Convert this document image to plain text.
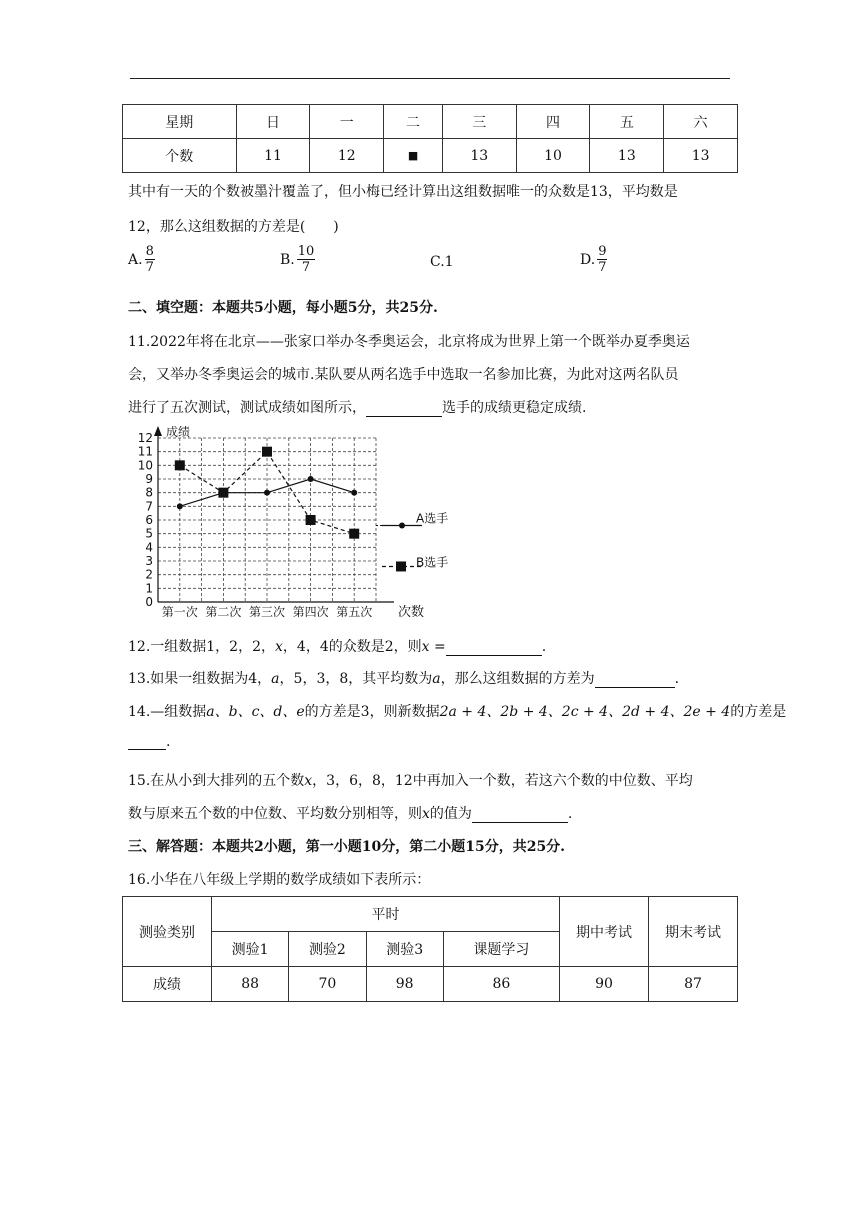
星期	日	一	二	三	四	五	六
个数	11	12	■	13	10	13	13
其中有一天的个数被墨汁覆盖了，但小梅已经计算出这组数据唯一的众数是13，平均数是
12，那么这组数据的方差是(　　)
A. $\frac{8}{7}$	B. $\frac{10}{7}$	C.1	D. $\frac{9}{7}$
二、填空题：本题共5小题，每小题5分，共25分.
11.2022年将在北京——张家口举办冬季奥运会，北京将成为世界上第一个既举办夏季奥运
会，又举办冬季奥运会的城市.某队要从两名选手中选取一名参加比赛，为此对这两名队员
进行了五次测试，测试成绩如图所示，	选手的成绩更稳定成绩.
0
1
2
3
4
5
6
7
8
9
10
11
12 成绩
第一次 第二次 第三次 第四次 第五次 次数
A选手
B选手
12.一组数据1，2，2，x，4，4的众数是2，则x =	.
13.如果一组数据为4，a，5，3，8，其平均数为a，那么这组数据的方差为	.
14.—组数据a、b、c、d、e的方差是3，则新数据2a + 4、2b + 4、2c + 4、2d + 4、2e + 4的方差是
.
15.在从小到大排列的五个数x，3，6，8，12中再加入一个数，若这六个数的中位数、平均
数与原来五个数的中位数、平均数分别相等，则x的值为	.
三、解答题：本题共2小题，第一小题10分，第二小题15分，共25分.
16.小华在八年级上学期的数学成绩如下表所示：
测验类别	平时				期中考试	期末考试
	测验1	测验2	测验3	课题学习		
成绩	88	70	98	86	90	87
